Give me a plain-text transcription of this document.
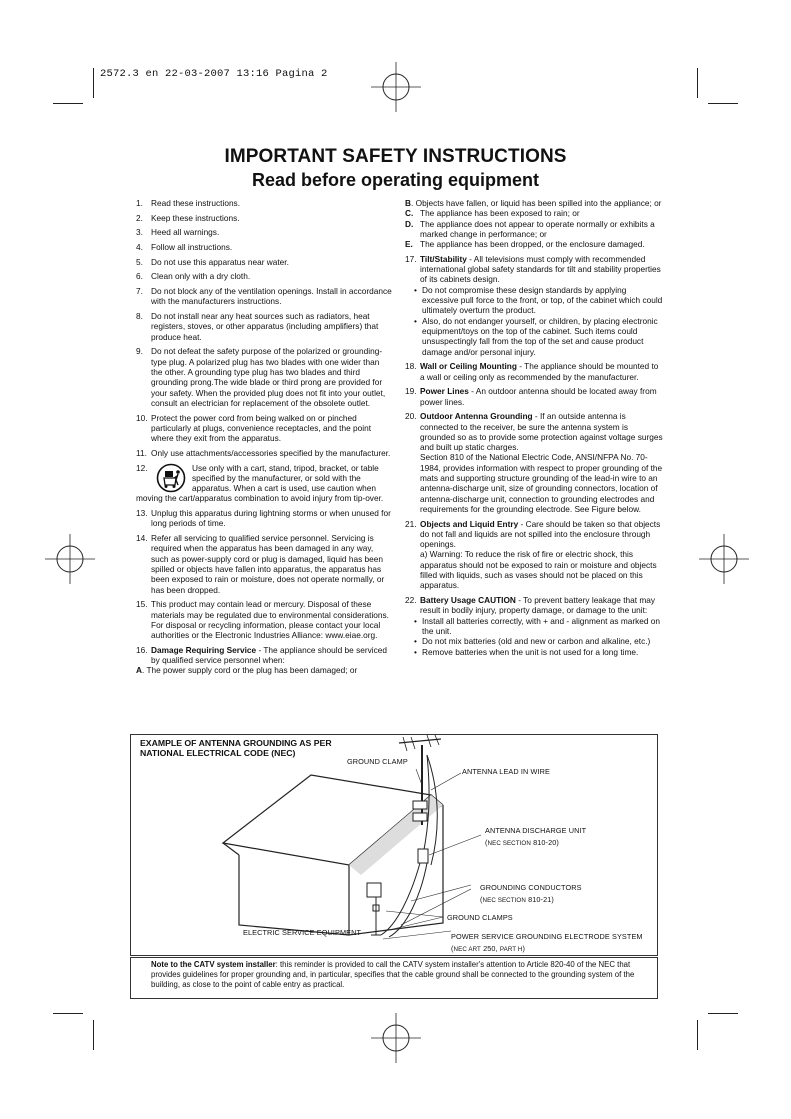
2572.3 en 22-03-2007 13:16 Pagina 2
IMPORTANT SAFETY INSTRUCTIONS
Read before operating equipment
1. Read these instructions.
2. Keep these instructions.
3. Heed all warnings.
4. Follow all instructions.
5. Do not use this apparatus near water.
6. Clean only with a dry cloth.
7. Do not block any of the ventilation openings. Install in accordance with the manufacturers instructions.
8. Do not install near any heat sources such as radiators, heat registers, stoves, or other apparatus (including amplifiers) that produce heat.
9. Do not defeat the safety purpose of the polarized or grounding-type plug. A polarized plug has two blades with one wider than the other. A grounding type plug has two blades and third grounding prong.The wide blade or third prong are provided for your safety. When the provided plug does not fit into your outlet, consult an electrician for replacement of the obsolete outlet.
10. Protect the power cord from being walked on or pinched particularly at plugs, convenience receptacles, and the point where they exit from the apparatus.
11. Only use attachments/accessories specified by the manufacturer.
12.	Use only with a cart, stand, tripod, bracket, or table specified by the manufacturer, or sold with the apparatus. When a cart is used, use caution when moving the cart/apparatus combination to avoid injury from tip-over.
13. Unplug this apparatus during lightning storms or when unused for long periods of time.
14. Refer all servicing to qualified service personnel. Servicing is required when the apparatus has been damaged in any way, such as power-supply cord or plug is damaged, liquid has been spilled or objects have fallen into apparatus, the apparatus has been exposed to rain or moisture, does not operate normally, or has been dropped.
15. This product may contain lead or mercury. Disposal of these materials may be regulated due to environmental considerations. For disposal or recycling information, please contact your local authorities or the Electronic Industries Alliance: www.eiae.org.
16. Damage Requiring Service - The appliance should be serviced by qualified service personnel when:
A. The power supply cord or the plug has been damaged; or
B. Objects have fallen, or liquid has been spilled into the appliance; or
C. The appliance has been exposed to rain; or
D. The appliance does not appear to operate normally or exhibits a marked change in performance; or
E. The appliance has been dropped, or the enclosure damaged.
17. Tilt/Stability - All televisions must comply with recommended international global safety standards for tilt and stability properties of its cabinets design.
• Do not compromise these design standards by applying excessive pull force to the front, or top, of the cabinet which could ultimately overturn the product.
• Also, do not endanger yourself, or children, by placing electronic equipment/toys on the top of the cabinet. Such items could unsuspectingly fall from the top of the set and cause product damage and/or personal injury.
18. Wall or Ceiling Mounting - The appliance should be mounted to a wall or ceiling only as recommended by the manufacturer.
19. Power Lines - An outdoor antenna should be located away from power lines.
20. Outdoor Antenna Grounding - If an outside antenna is connected to the receiver, be sure the antenna system is grounded so as to provide some protection against voltage surges and built up static charges.
Section 810 of the National Electric Code, ANSI/NFPA No. 70-1984, provides information with respect to proper grounding of the mats and supporting structure grounding of the lead-in wire to an antenna-discharge unit, size of grounding connectors, location of antenna-discharge unit, connection to grounding electrodes and requirements for the grounding electrode. See Figure below.
21. Objects and Liquid Entry - Care should be taken so that objects do not fall and liquids are not spilled into the enclosure through openings.
a) Warning: To reduce the risk of fire or electric shock, this apparatus should not be exposed to rain or moisture and objects filled with liquids, such as vases should not be placed on this apparatus.
22. Battery Usage CAUTION - To prevent battery leakage that may result in bodily injury, property damage, or damage to the unit:
• Install all batteries correctly, with + and - alignment as marked on the unit.
• Do not mix batteries (old and new or carbon and alkaline, etc.)
• Remove batteries when the unit is not used for a long time.
EXAMPLE OF ANTENNA GROUNDING AS PER
NATIONAL ELECTRICAL CODE (NEC)
GROUND CLAMP
ANTENNA LEAD IN WIRE
ANTENNA DISCHARGE UNIT
(NEC SECTION 810-20)
GROUNDING CONDUCTORS
(NEC SECTION 810-21)
GROUND CLAMPS
ELECTRIC SERVICE EQUIPMENT	POWER SERVICE GROUNDING ELECTRODE SYSTEM
(NEC ART 250, PART H)
Note to the CATV system installer: this reminder is provided to call the CATV system installer's attention to Article 820-40 of the NEC that provides guidelines for proper grounding and, in particular, specifies that the cable ground shall be connected to the grounding system of the building, as close to the point of cable entry as practical.
